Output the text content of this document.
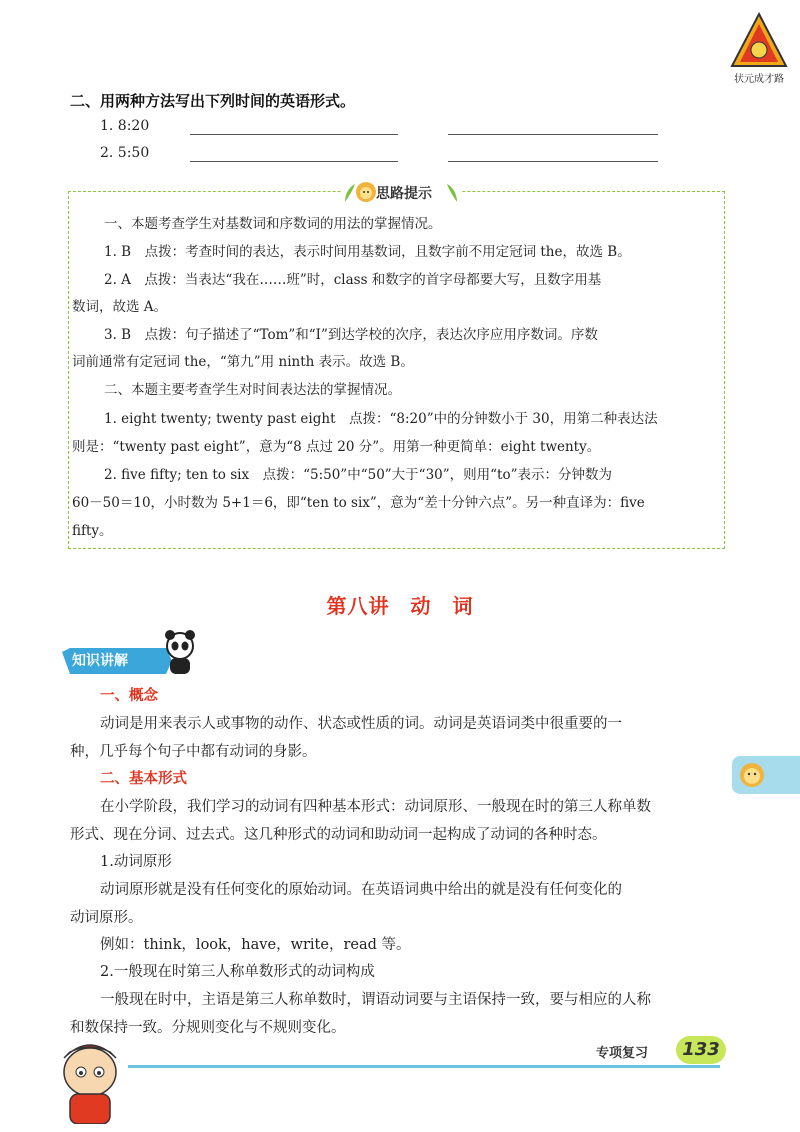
状元成才路
二、用两种方法写出下列时间的英语形式。
1. 8:20
2. 5:50
思路提示
一、本题考查学生对基数词和序数词的用法的掌握情况。
1. B　点拨：考查时间的表达，表示时间用基数词，且数字前不用定冠词 the，故选 B。
2. A　点拨：当表达“我在……班”时，class 和数字的首字母都要大写，且数字用基
数词，故选 A。
3. B　点拨：句子描述了“Tom”和“I”到达学校的次序，表达次序应用序数词。序数
词前通常有定冠词 the，“第九”用 ninth 表示。故选 B。
二、本题主要考查学生对时间表达法的掌握情况。
1. eight twenty; twenty past eight　点拨：“8:20”中的分钟数小于 30，用第二种表达法
则是：“twenty past eight”，意为“8 点过 20 分”。用第一种更简单：eight twenty。
2. five fifty; ten to six　点拨：“5:50”中“50”大于“30”，则用“to”表示：分钟数为
60－50＝10，小时数为 5+1＝6，即“ten to six”，意为“差十分钟六点”。另一种直译为：five
fifty。
第八讲　动　词
知识讲解
一、概念
动词是用来表示人或事物的动作、状态或性质的词。动词是英语词类中很重要的一
种，几乎每个句子中都有动词的身影。
二、基本形式
在小学阶段，我们学习的动词有四种基本形式：动词原形、一般现在时的第三人称单数
形式、现在分词、过去式。这几种形式的动词和助动词一起构成了动词的各种时态。
1.动词原形
动词原形就是没有任何变化的原始动词。在英语词典中给出的就是没有任何变化的
动词原形。
例如：think，look，have，write，read 等。
2.一般现在时第三人称单数形式的动词构成
一般现在时中，主语是第三人称单数时，谓语动词要与主语保持一致，要与相应的人称
和数保持一致。分规则变化与不规则变化。
专项复习	133
